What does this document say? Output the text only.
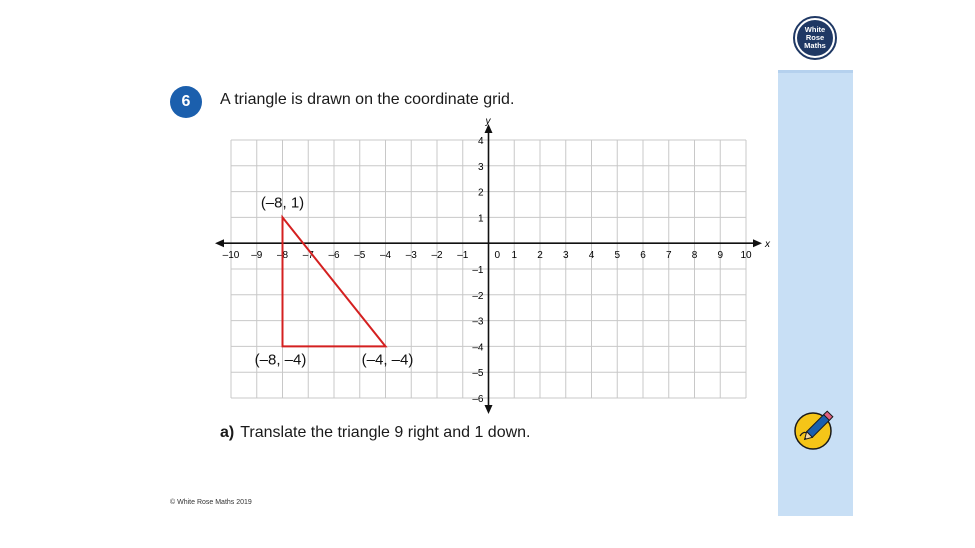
White
Rose
Maths
6	A triangle is drawn on the coordinate grid.
x
y
–10 –9 –8 –7 –6 –5 –4 –3 –2 –1	1 2 3 4 5 6 7 8 9 10
4
3
2
1
–1
–2
–3
–4
–5
–6
0
(–8, 1)
(–8, –4)	(–4, –4)
a) Translate the triangle 9 right and 1 down.
© White Rose Maths 2019
